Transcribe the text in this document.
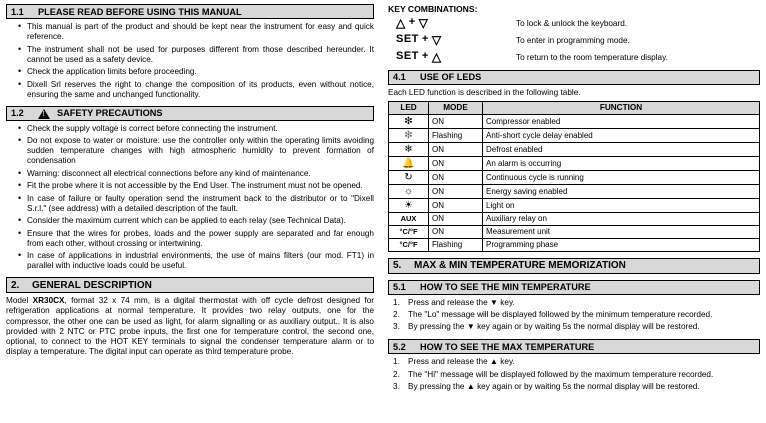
1.1	PLEASE READ BEFORE USING THIS MANUAL
• This manual is part of the product and should be kept near the instrument for easy and quick reference.
• The instrument shall not be used for purposes different from those described hereunder. It cannot be used as a safety device.
• Check the application limits before proceeding.
• Dixell Srl reserves the right to change the composition of its products, even without notice, ensuring the same and unchanged functionality.
1.2 !	SAFETY PRECAUTIONS
• Check the supply voltage is correct before connecting the instrument.
• Do not expose to water or moisture: use the controller only within the operating limits avoiding sudden temperature changes with high atmospheric humidity to prevent formation of condensation
• Warning: disconnect all electrical connections before any kind of maintenance.
• Fit the probe where it is not accessible by the End User. The instrument must not be opened.
• In case of failure or faulty operation send the instrument back to the distributor or to "Dixell S.r.l." (see address) with a detailed description of the fault.
• Consider the maximum current which can be applied to each relay (see Technical Data).
• Ensure that the wires for probes, loads and the power supply are separated and far enough from each other, without crossing or intertwining.
• In case of applications in industrial environments, the use of mains filters (our mod. FT1) in parallel with inductive loads could be useful.
2.	GENERAL DESCRIPTION

Model XR30CX, format 32 x 74 mm, is a digital thermostat with off cycle defrost designed for refrigeration applications at normal temperature. It provides two relay outputs, one for the compressor, the other one can be used as light, for alarm signalling or as auxiliary output.. It is also provided with 2 NTC or PTC probe inputs, the first one for temperature control, the second one, optional, to connect to the HOT KEY terminals to signal the condenser temperature alarm or to display a temperature. The digital input can operate as third temperature probe.

KEY COMBINATIONS:
△ + ▽	To lock & unlock the keyboard.
SET + ▽	To enter in programming mode.
SET + △	To return to the room temperature display.
4.1	USE OF LEDS

Each LED function is described in the following table.

LED	MODE	FUNCTION
❇	ON	Compressor enabled
❇	Flashing	Anti-short cycle delay enabled
❄	ON	Defrost enabled
🔔	ON	An alarm is occurring
↻	ON	Continuous cycle is running
☼	ON	Energy saving enabled
☀	ON	Light on
AUX	ON	Auxiliary relay on
°C/°F	ON	Measurement unit
°C/°F	Flashing	Programming phase
5.	MAX & MIN TEMPERATURE MEMORIZATION
5.1	HOW TO SEE THE MIN TEMPERATURE
Press and release the ▼ key.
The "Lo" message will be displayed followed by the minimum temperature recorded.
By pressing the ▼ key again or by waiting 5s the normal display will be restored.
5.2	HOW TO SEE THE MAX TEMPERATURE
Press and release the ▲ key.
The "Hi" message will be displayed followed by the maximum temperature recorded.
By pressing the ▲ key again or by waiting 5s the normal display will be restored.
